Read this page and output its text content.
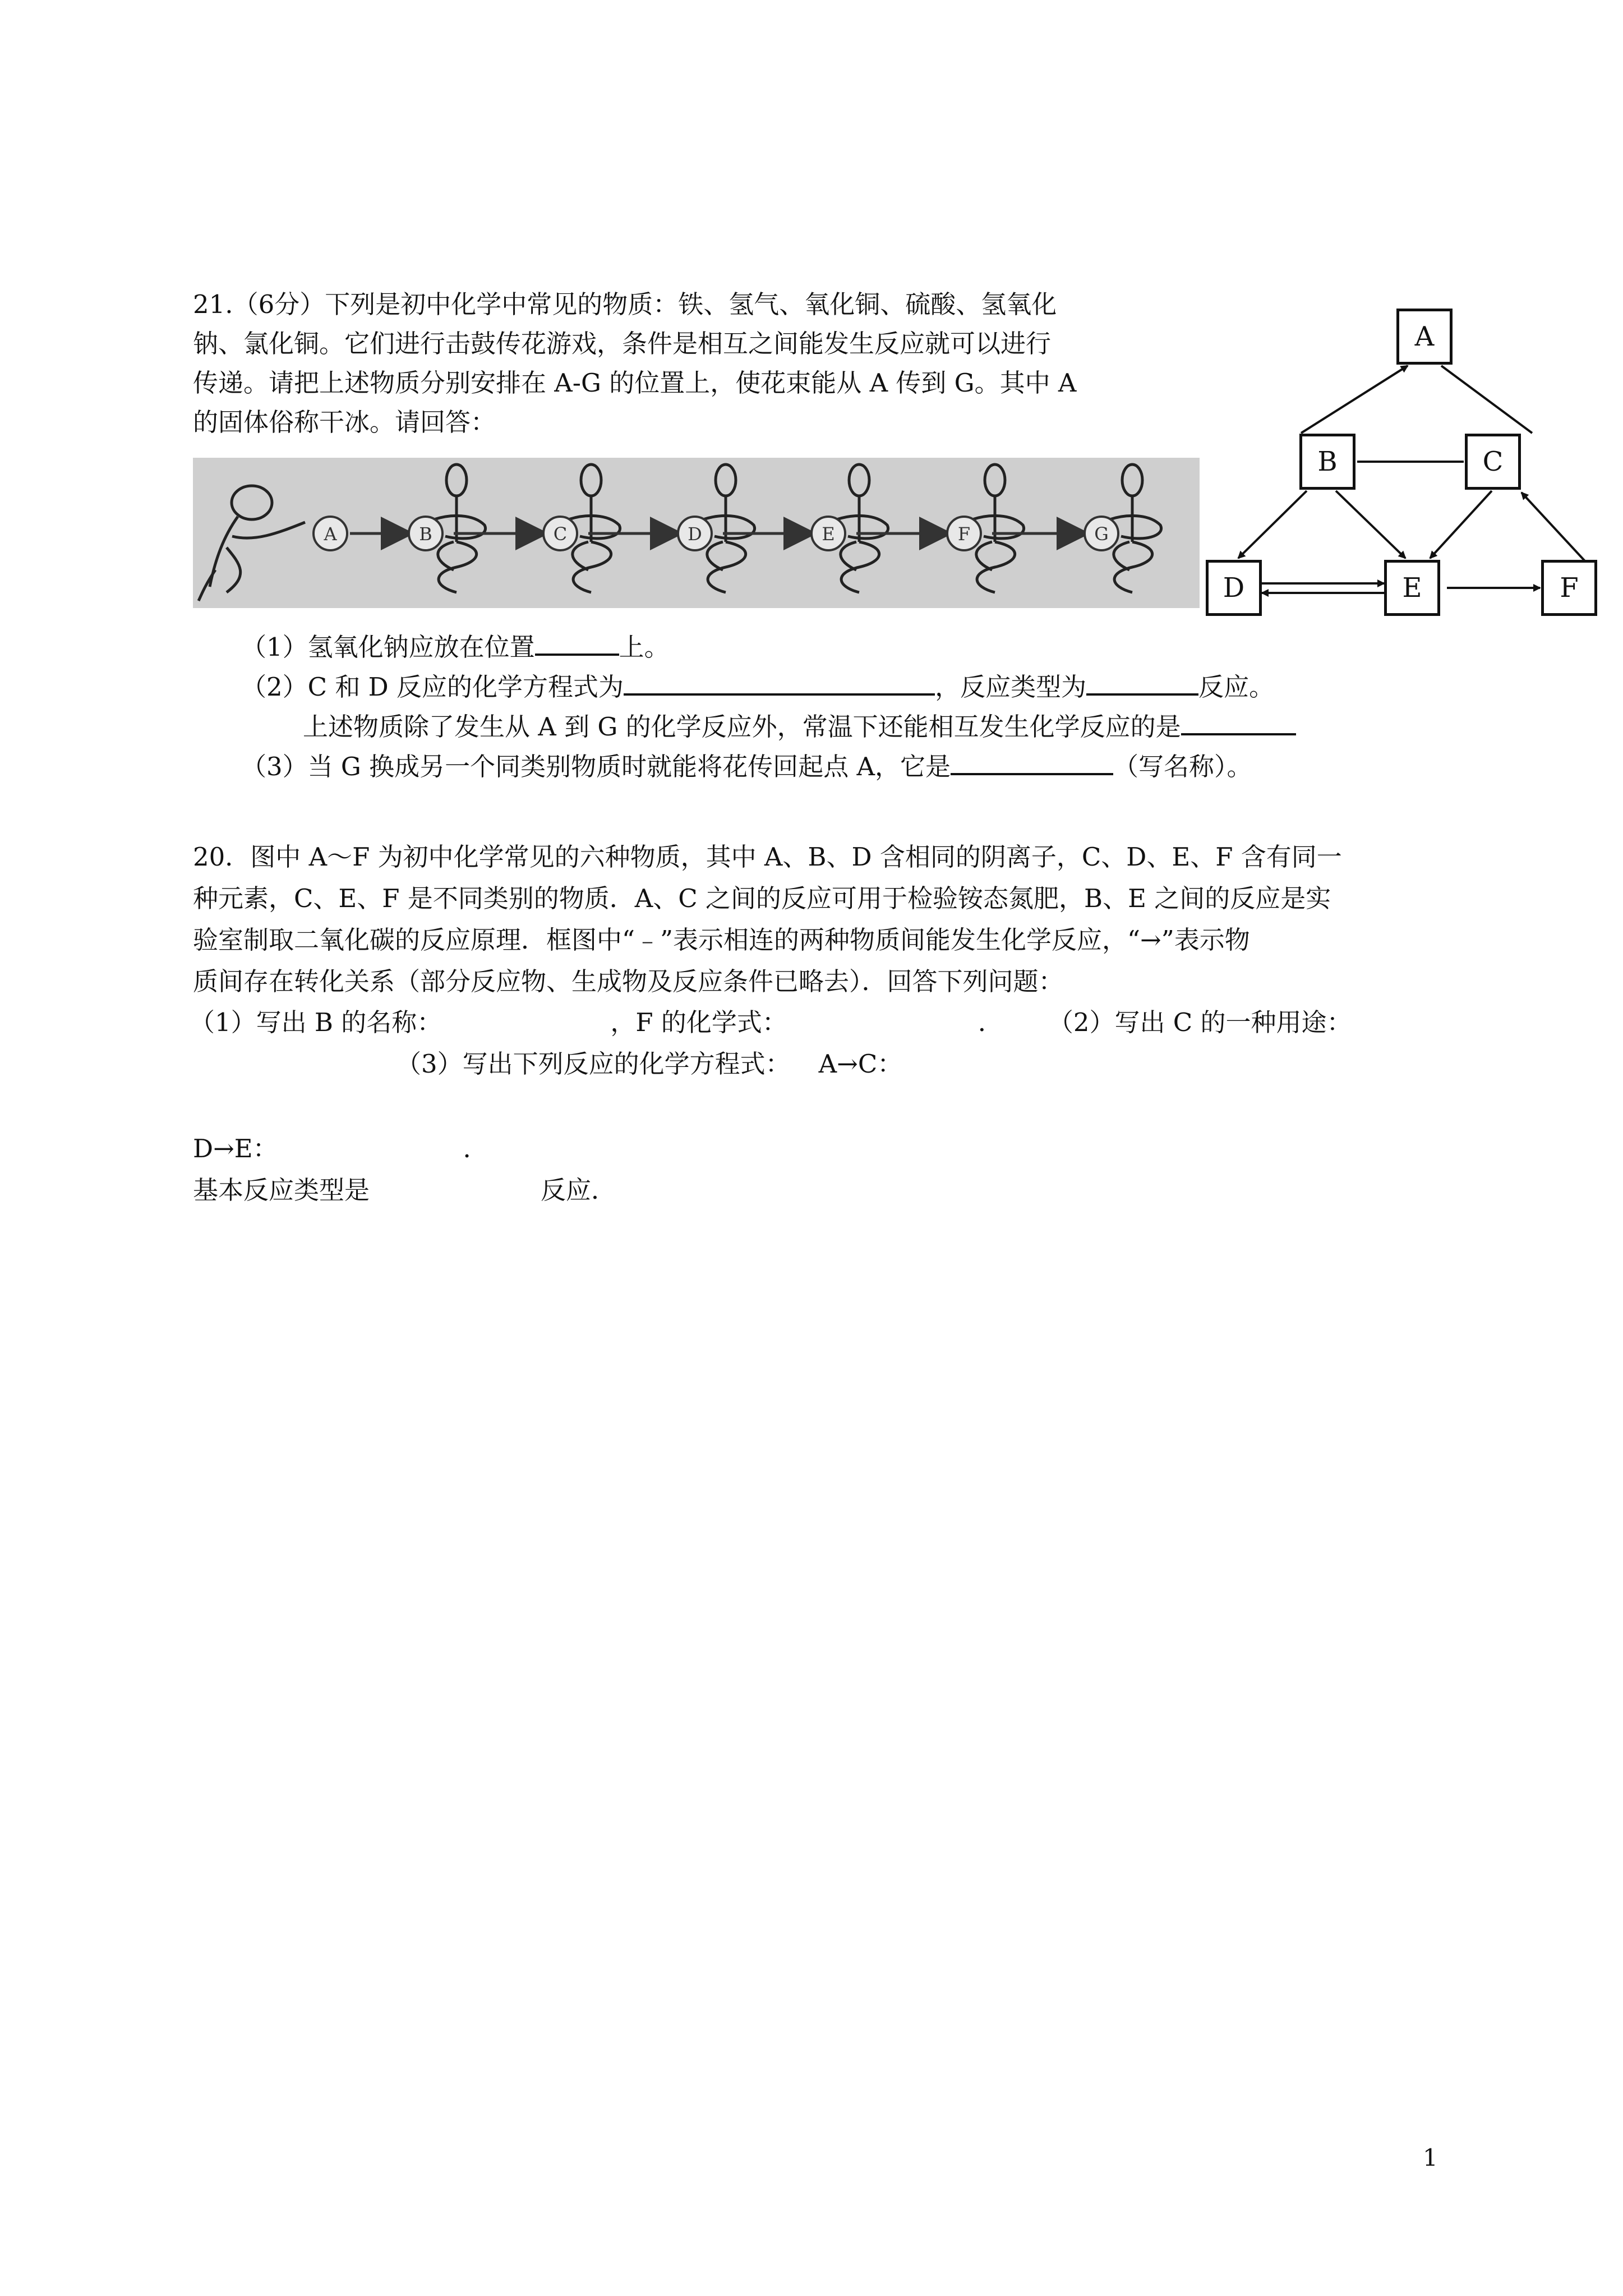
21.（6分）下列是初中化学中常见的物质：铁、氢气、氧化铜、硫酸、氢氧化
钠、氯化铜。它们进行击鼓传花游戏，条件是相互之间能发生反应就可以进行
传递。请把上述物质分别安排在 A-G 的位置上，使花束能从 A 传到 G。其中 A
的固体俗称干冰。请回答：
A	B	C	D	E	F	G
（1）氢氧化钠应放在位置	上。
（2）C 和 D 反应的化学方程式为	，反应类型为	反应。
上述物质除了发生从 A 到 G 的化学反应外，常温下还能相互发生化学反应的是
（3）当 G 换成另一个同类别物质时就能将花传回起点 A，它是	（写名称）。
A
B	C
D	E	F
20．图中 A～F 为初中化学常见的六种物质，其中 A、B、D 含相同的阴离子，C、D、E、F 含有同一
种元素，C、E、F 是不同类别的物质．A、C 之间的反应可用于检验铵态氮肥，B、E 之间的反应是实
验室制取二氧化碳的反应原理．框图中“﹣”表示相连的两种物质间能发生化学反应，“→”表示物
质间存在转化关系（部分反应物、生成物及反应条件已略去）．回答下列问题：
（1）写出 B 的名称：	，F 的化学式：	． （2）写出 C 的一种用途：
（3）写出下列反应的化学方程式： A→C：
D→E：	．
基本反应类型是	反应．
1
